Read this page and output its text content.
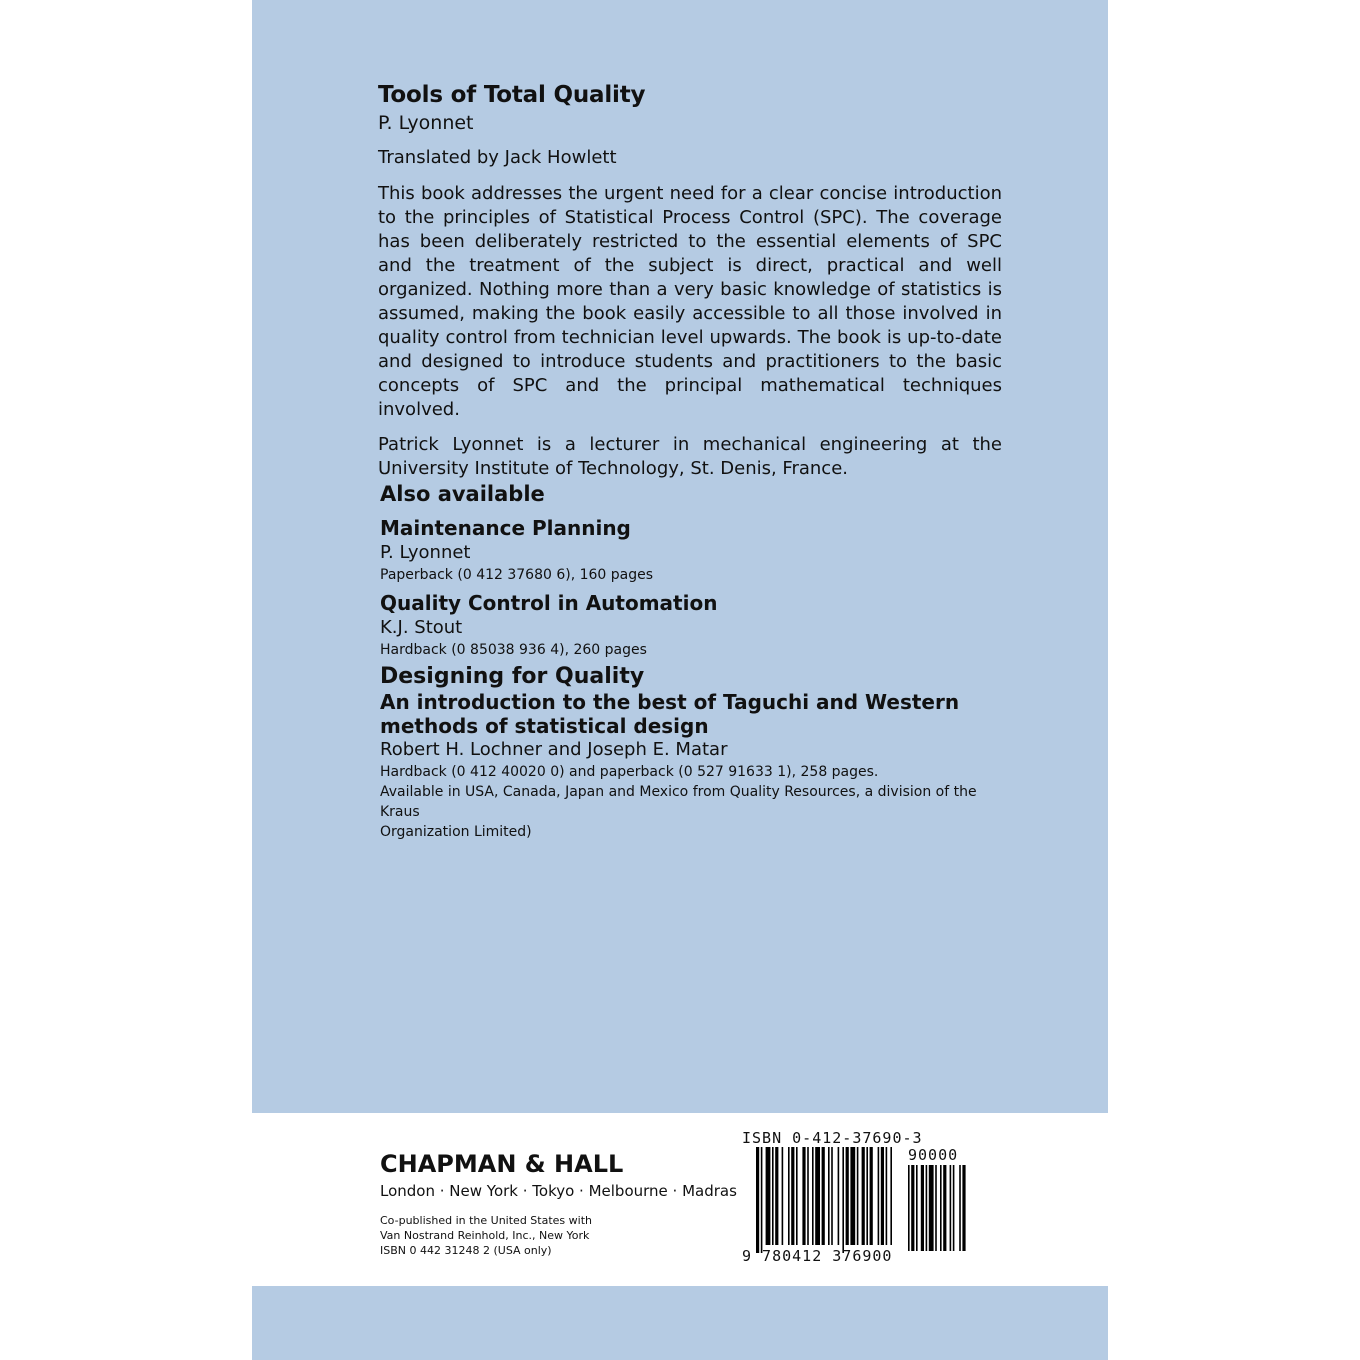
Tools of Total Quality

P. Lyonnet

Translated by Jack Howlett

This book addresses the urgent need for a clear concise introduction to the principles of Statistical Process Control (SPC). The coverage has been deliberately restricted to the essential elements of SPC and the treatment of the subject is direct, practical and well organized. Nothing more than a very basic knowledge of statistics is assumed, making the book easily accessible to all those involved in quality control from technician level upwards. The book is up-to-date and designed to introduce students and practitioners to the basic concepts of SPC and the principal mathematical techniques involved.

Patrick Lyonnet is a lecturer in mechanical engineering at the University Institute of Technology, St. Denis, France.

Also available

Maintenance Planning

P. Lyonnet

Paperback (0 412 37680 6), 160 pages

Quality Control in Automation

K.J. Stout

Hardback (0 85038 936 4), 260 pages

Designing for Quality

An introduction to the best of Taguchi and Western

methods of statistical design

Robert H. Lochner and Joseph E. Matar

Hardback (0 412 40020 0) and paperback (0 527 91633 1), 258 pages.

Available in USA, Canada, Japan and Mexico from Quality Resources, a division of the Kraus

Organization Limited)

CHAPMAN & HALL

London · New York · Tokyo · Melbourne · Madras

Co-published in the United States with
Van Nostrand Reinhold, Inc., New York
ISBN 0 442 31248 2 (USA only)
ISBN 0-412-37690-3
90000
9 780412 376900
